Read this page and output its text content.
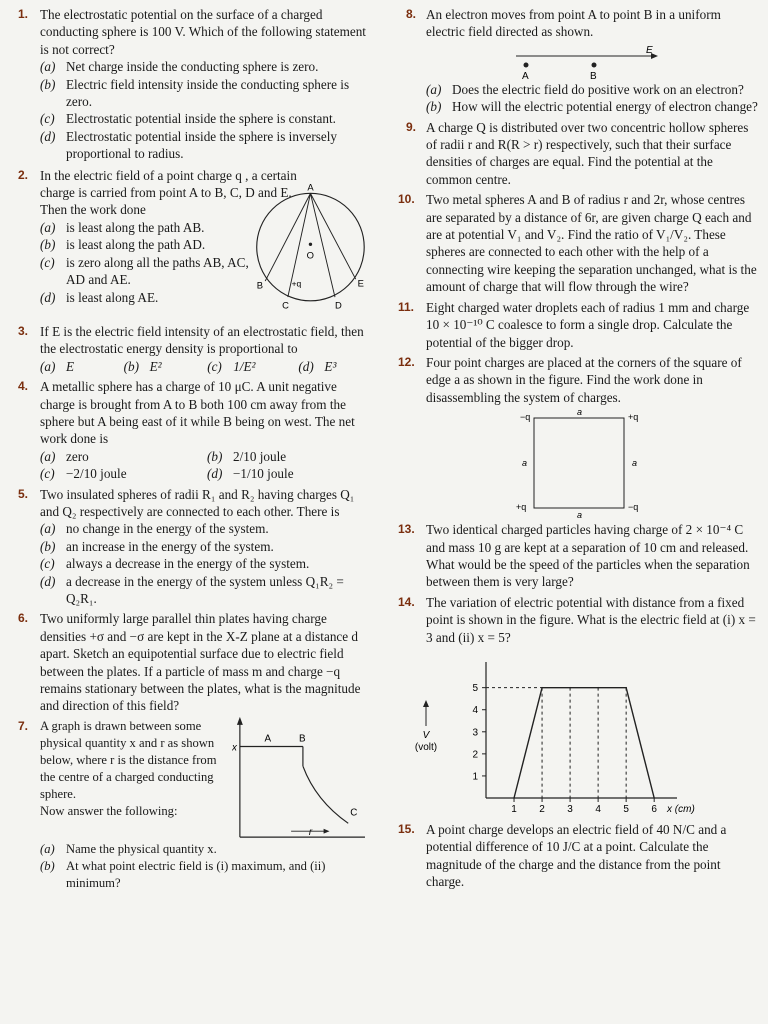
1. The electrostatic potential on the surface of a charged conducting sphere is 100 V. Which of the following statement is not correct?
(a) Net charge inside the conducting sphere is zero.
(b) Electric field intensity inside the conducting sphere is zero.
(c) Electrostatic potential inside the sphere is constant.
(d) Electrostatic potential inside the sphere is inversely proportional to radius.
2. In the electric field of a point charge q , a certain charge is carried from point A to B, C, D and E. Then the work done
(a) is least along the path AB.
(b) is least along the path AD.
(c) is zero along all the paths AB, AC, AD and AE.
(d) is least along AE.
A
B
C	D
E
O
+q
3. If E is the electric field intensity of an electrostatic field, then the electrostatic energy density is proportional to
(a) E	(b) E²	(c) 1/E²	(d) E³
4. A metallic sphere has a charge of 10 μC. A unit negative charge is brought from A to B both 100 cm away from the sphere but A being east of it while B being on west. The net work done is
(a) zero	(b) 2/10 joule
(c) −2/10 joule	(d) −1/10 joule
5. Two insulated spheres of radii R₁ and R₂ having charges Q₁ and Q₂ respectively are connected to each other. There is
(a) no change in the energy of the system.
(b) an increase in the energy of the system.
(c) always a decrease in the energy of the system.
(d) a decrease in the energy of the system unless Q₁R₂ = Q₂R₁.
6. Two uniformly large parallel thin plates having charge densities +σ and −σ are kept in the X-Z plane at a distance d apart. Sketch an equipotential surface due to electric field between the plates. If a particle of mass m and charge −q remains stationary between the plates, what is the magnitude and direction of this field?
7. A graph is drawn between some physical quantity x and r as shown below, where r is the distance from the centre of a charged conducting sphere.
Now answer the following:
x
A	B
C
r
(a) Name the physical quantity x.
(b) At what point electric field is (i) maximum, and (ii) minimum?
8. An electron moves from point A to point B in a uniform electric field directed as shown.
E
A	B
(a) Does the electric field do positive work on an electron?
(b) How will the electric potential energy of electron change?
9. A charge Q is distributed over two concentric hollow spheres of radii r and R(R > r) respectively, such that their surface densities of charges are equal. Find the potential at the common centre.
10. Two metal spheres A and B of radius r and 2r, whose centres are separated by a distance of 6r, are given charge Q each and are at potential V₁ and V₂. Find the ratio of V₁/V₂. These spheres are connected to each other with the help of a connecting wire keeping the separation unchanged, what is the amount of charge that will flow through the wire?
11. Eight charged water droplets each of radius 1 mm and charge 10 × 10⁻¹⁰ C coalesce to form a single drop. Calculate the potential of the bigger drop.
12. Four point charges are placed at the corners of the square of edge a as shown in the figure. Find the work done in disassembling the system of charges.
−q	+q
+q	−q
a
a
a	a
13. Two identical charged particles having charge of 2 × 10⁻⁴ C and mass 10 g are kept at a separation of 10 cm and released. What would be the speed of the particles when the separation between them is very large?
14. The variation of electric potential with distance from a fixed point is shown in the figure. What is the electric field at (i) x = 3 and (ii) x = 5?
1
2
3
4
5
1 2 3 4 5 6 x (cm)
V
(volt)
15. A point charge develops an electric field of 40 N/C and a potential difference of 10 J/C at a point. Calculate the magnitude of the charge and the distance from the point charge.
